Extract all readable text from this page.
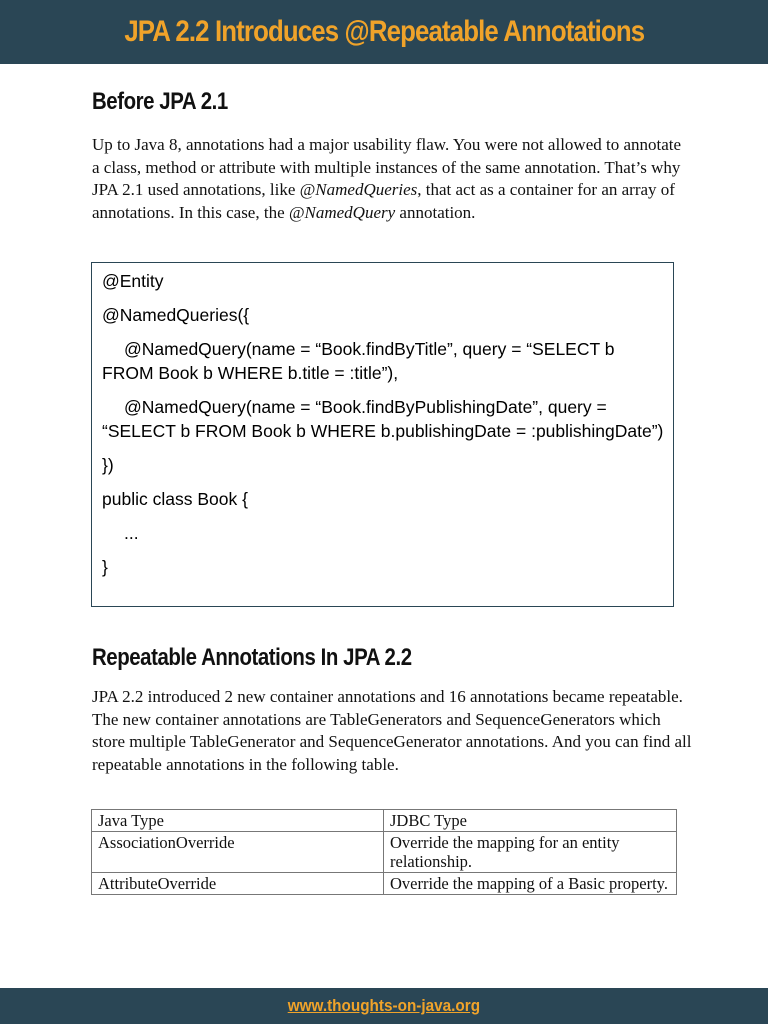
JPA 2.2 Introduces @Repeatable Annotations
Before JPA 2.1

Up to Java 8, annotations had a major usability flaw. You were not allowed to annotate a class, method or attribute with multiple instances of the same annotation. That’s why JPA 2.1 used annotations, like @NamedQueries, that act as a container for an array of annotations. In this case, the @NamedQuery annotation.

@Entity
@NamedQueries({
@NamedQuery(name = “Book.findByTitle”, query = “SELECT b FROM Book b WHERE b.title = :title”),
@NamedQuery(name = “Book.findByPublishingDate”, query = “SELECT b FROM Book b WHERE b.publishingDate = :publishingDate”)
})
public class Book {
...
}
Repeatable Annotations In JPA 2.2

JPA 2.2 introduced 2 new container annotations and 16 annotations became repeatable. The new container annotations are TableGenerators and SequenceGenerators which store multiple TableGenerator and SequenceGenerator annotations. And you can find all repeatable annotations in the following table.

Java Type	JDBC Type
AssociationOverride	Override the mapping for an entity relationship.
AttributeOverride	Override the mapping of a Basic property.
www.thoughts-on-java.org
